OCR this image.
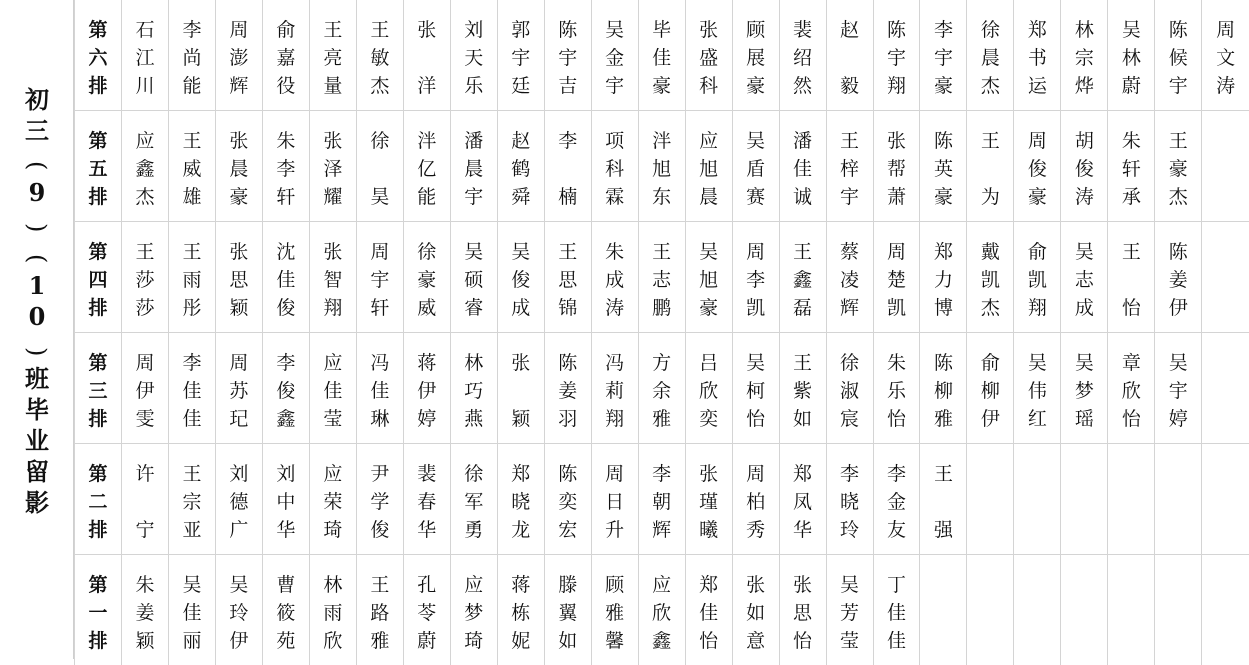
初
三
(
9
)
(
1
0
)
班
毕
业
留
影
第
六
排	石
江
川	李
尚
能	周
澎
辉	俞
嘉
役	王
亮
量	王
敏
杰	张
洋	刘
天
乐	郭
宇
廷	陈
宇
吉	吴
金
宇	毕
佳
豪	张
盛
科	顾
展
豪	裴
绍
然	赵
毅	陈
宇
翔	李
宇
豪	徐
晨
杰	郑
书
运	林
宗
烨	吴
林
蔚	陈
候
宇	周
文
涛

第
五
排	应
鑫
杰	王
威
雄	张
晨
豪	朱
李
轩	张
泽
耀	徐
昊	泮
亿
能	潘
晨
宇	赵
鹤
舜	李
楠	项
科
霖	泮
旭
东	应
旭
晨	吴
盾
赛	潘
佳
诚	王
梓
宇	张
帮
萧	陈
英
豪	王
为	周
俊
豪	胡
俊
涛	朱
轩
承	王
豪
杰	

第
四
排	王
莎
莎	王
雨
彤	张
思
颖	沈
佳
俊	张
智
翔	周
宇
轩	徐
豪
威	吴
硕
睿	吴
俊
成	王
思
锦	朱
成
涛	王
志
鹏	吴
旭
豪	周
李
凯	王
鑫
磊	蔡
凌
辉	周
楚
凯	郑
力
博	戴
凯
杰	俞
凯
翔	吴
志
成	王
怡	陈
姜
伊	

第
三
排	周
伊
雯	李
佳
佳	周
苏
玘	李
俊
鑫	应
佳
莹	冯
佳
琳	蒋
伊
婷	林
巧
燕	张
颖	陈
姜
羽	冯
莉
翔	方
余
雅	吕
欣
奕	吴
柯
怡	王
紫
如	徐
淑
宸	朱
乐
怡	陈
柳
雅	俞
柳
伊	吴
伟
红	吴
梦
瑶	章
欣
怡	吴
宇
婷	

第
二
排	许
宁	王
宗
亚	刘
德
广	刘
中
华	应
荣
琦	尹
学
俊	裴
春
华	徐
军
勇	郑
晓
龙	陈
奕
宏	周
日
升	李
朝
辉	张
瑾
曦	周
柏
秀	郑
凤
华	李
晓
玲	李
金
友	王
强						

第
一
排	朱
姜
颖	吴
佳
丽	吴
玲
伊	曹
筱
苑	林
雨
欣	王
路
雅	孔
苓
蔚	应
梦
琦	蒋
栋
妮	滕
翼
如	顾
雅
馨	应
欣
鑫	郑
佳
怡	张
如
意	张
思
怡	吴
芳
莹	丁
佳
佳							
